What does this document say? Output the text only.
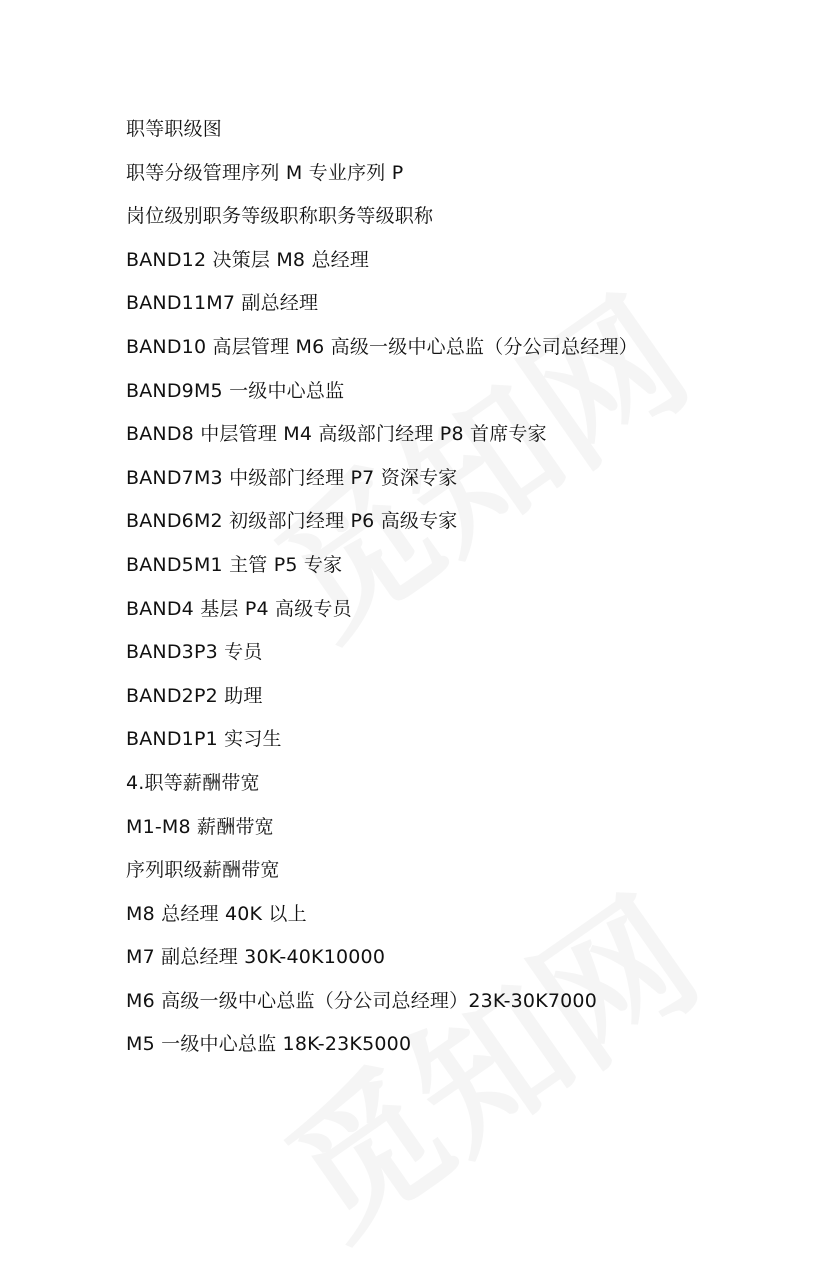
职等职级图
职等分级管理序列 M 专业序列 P
岗位级别职务等级职称职务等级职称
BAND12 决策层 M8 总经理
BAND11M7 副总经理
BAND10 高层管理 M6 高级一级中心总监（分公司总经理）
BAND9M5 一级中心总监
BAND8 中层管理 M4 高级部门经理 P8 首席专家
BAND7M3 中级部门经理 P7 资深专家
BAND6M2 初级部门经理 P6 高级专家
BAND5M1 主管 P5 专家
BAND4 基层 P4 高级专员
BAND3P3 专员
BAND2P2 助理
BAND1P1 实习生
4.职等薪酬带宽
M1-M8 薪酬带宽
序列职级薪酬带宽
M8 总经理 40K 以上
M7 副总经理 30K-40K10000
M6 高级一级中心总监（分公司总经理）23K-30K7000
M5 一级中心总监 18K-23K5000
